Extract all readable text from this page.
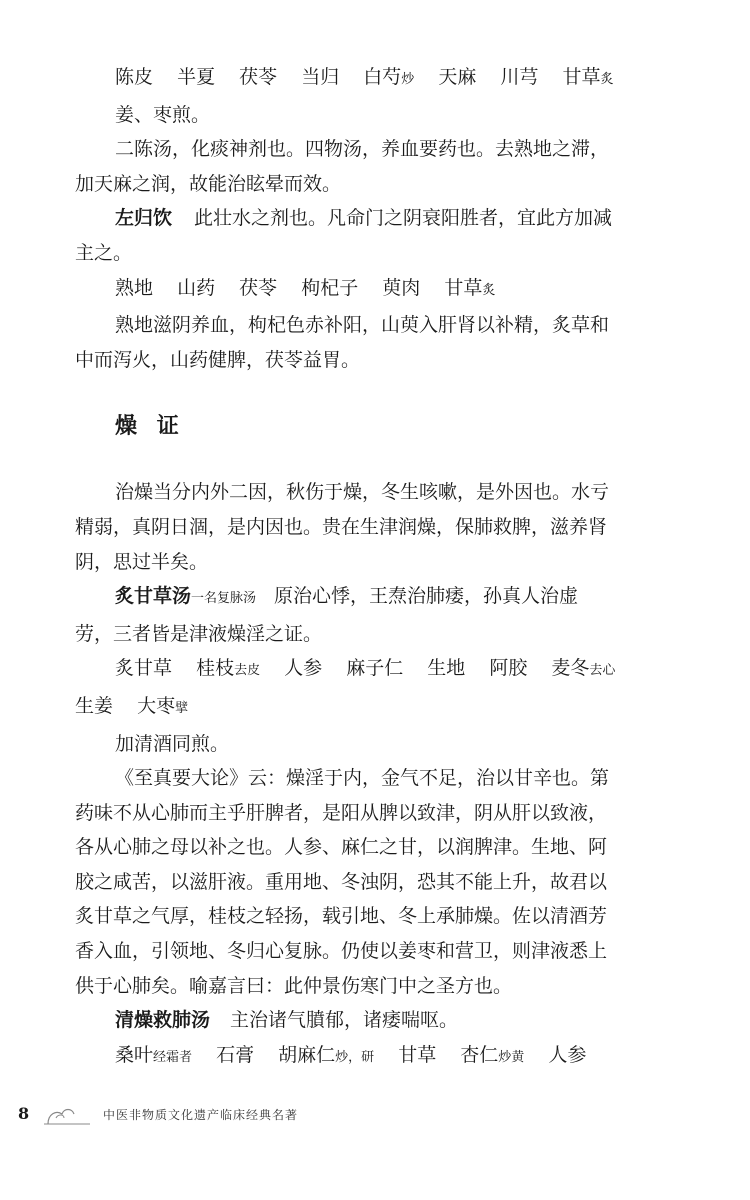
陈皮 半夏 茯苓 当归 白芍炒 天麻 川芎 甘草炙
姜、枣煎。
二陈汤，化痰神剂也。四物汤，养血要药也。去熟地之滞，
加天麻之润，故能治眩晕而效。
左归饮 此壮水之剂也。凡命门之阴衰阳胜者，宜此方加减
主之。
熟地 山药 茯苓 枸杞子 萸肉 甘草炙
熟地滋阴养血，枸杞色赤补阳，山萸入肝肾以补精，炙草和
中而泻火，山药健脾，茯苓益胃。
燥证
治燥当分内外二因，秋伤于燥，冬生咳嗽，是外因也。水亏
精弱，真阴日涸，是内因也。贵在生津润燥，保肺救脾，滋养肾
阴，思过半矣。
炙甘草汤一名复脉汤 原治心悸，王焘治肺痿，孙真人治虚
劳，三者皆是津液燥淫之证。
炙甘草 桂枝去皮 人参 麻子仁 生地 阿胶 麦冬去心
生姜 大枣擘
加清酒同煎。
《至真要大论》云：燥淫于内，金气不足，治以甘辛也。第
药味不从心肺而主乎肝脾者，是阳从脾以致津，阴从肝以致液，
各从心肺之母以补之也。人参、麻仁之甘，以润脾津。生地、阿
胶之咸苦，以滋肝液。重用地、冬浊阴，恐其不能上升，故君以
炙甘草之气厚，桂枝之轻扬，载引地、冬上承肺燥。佐以清酒芳
香入血，引领地、冬归心复脉。仍使以姜枣和营卫，则津液悉上
供于心肺矣。喻嘉言曰：此仲景伤寒门中之圣方也。
清燥救肺汤 主治诸气膹郁，诸痿喘呕。
桑叶经霜者 石膏 胡麻仁炒，研 甘草 杏仁炒黄 人参
8	中医非物质文化遗产临床经典名著
